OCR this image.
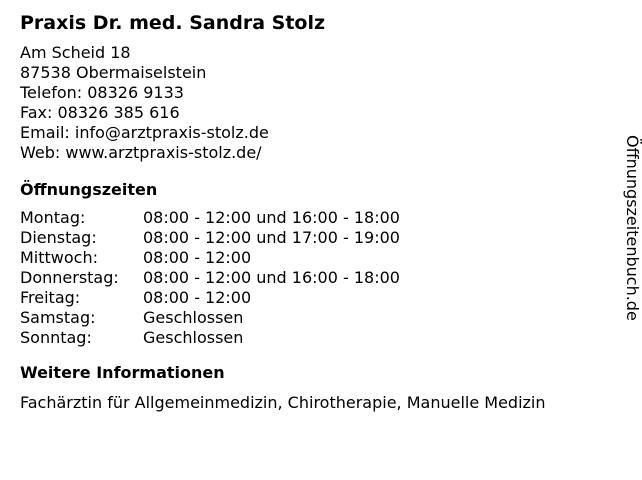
Praxis Dr. med. Sandra Stolz
Am Scheid 18
87538 Obermaiselstein
Telefon: 08326 9133
Fax: 08326 385 616
Email: info@arztpraxis-stolz.de
Web: www.arztpraxis-stolz.de/
Öffnungszeiten
Montag:	08:00 - 12:00 und 16:00 - 18:00
Dienstag:	08:00 - 12:00 und 17:00 - 19:00
Mittwoch:	08:00 - 12:00
Donnerstag:	08:00 - 12:00 und 16:00 - 18:00
Freitag:	08:00 - 12:00
Samstag:	Geschlossen
Sonntag:	Geschlossen
Weitere Informationen
Fachärztin für Allgemeinmedizin, Chirotherapie, Manuelle Medizin
Öffnungszeitenbuch.de
